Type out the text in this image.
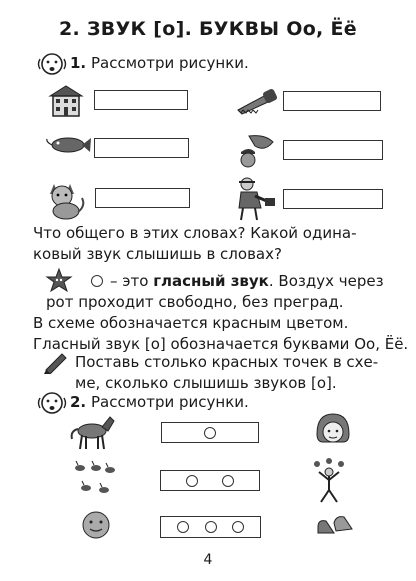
2. ЗВУК [о]. БУКВЫ Оо, Ёё
1. Рассмотри рисунки.
Что общего в этих словах? Какой одина-
ковый звук слышишь в словах?
– это гласный звук. Воздух через
рот проходит свободно, без преград.
В схеме обозначается красным цветом.
Гласный звук [о] обозначается буквами Оо, Ёё.
Поставь столько красных точек в схе-
ме, сколько слышишь звуков [о].
2. Рассмотри рисунки.
4
